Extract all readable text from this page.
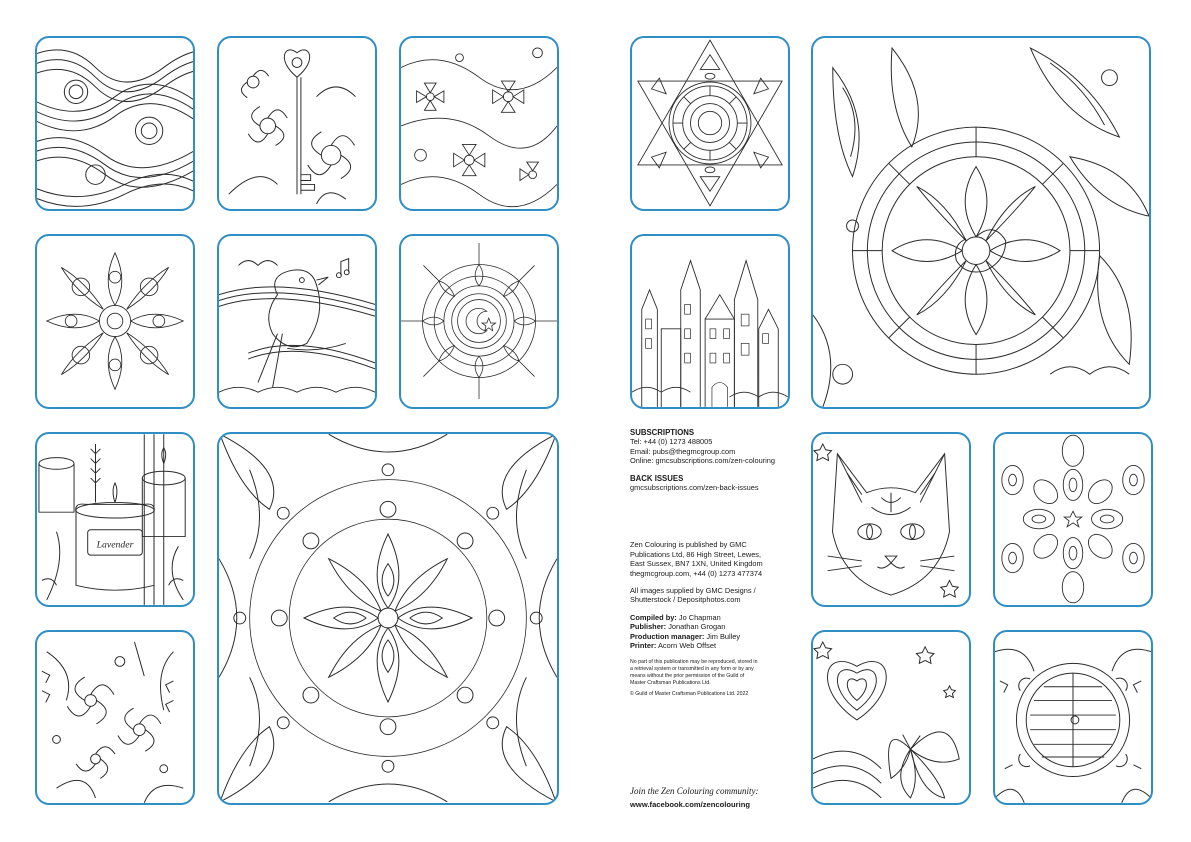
Lavender
SUBSCRIPTIONS
Tel: +44 (0) 1273 488005
Email: pubs@thegmcgroup.com
Online: gmcsubscriptions.com/zen-colouring
BACK ISSUES
gmcsubscriptions.com/zen-back-issues
Zen Colouring is published by GMC
Publications Ltd, 86 High Street, Lewes,
East Sussex, BN7 1XN, United Kingdom
thegmcgroup.com, +44 (0) 1273 477374
All images supplied by GMC Designs /
Shutterstock / Depositphotos.com
Compiled by: Jo Chapman
Publisher: Jonathan Grogan
Production manager: Jim Bulley
Printer: Acorn Web Offset
No part of this publication may be reproduced, stored in
a retrieval system or transmitted in any form or by any
means without the prior permission of the Guild of
Master Craftsman Publications Ltd.
© Guild of Master Craftsman Publications Ltd. 2022
Join the Zen Colouring community:
www.facebook.com/zencolouring
